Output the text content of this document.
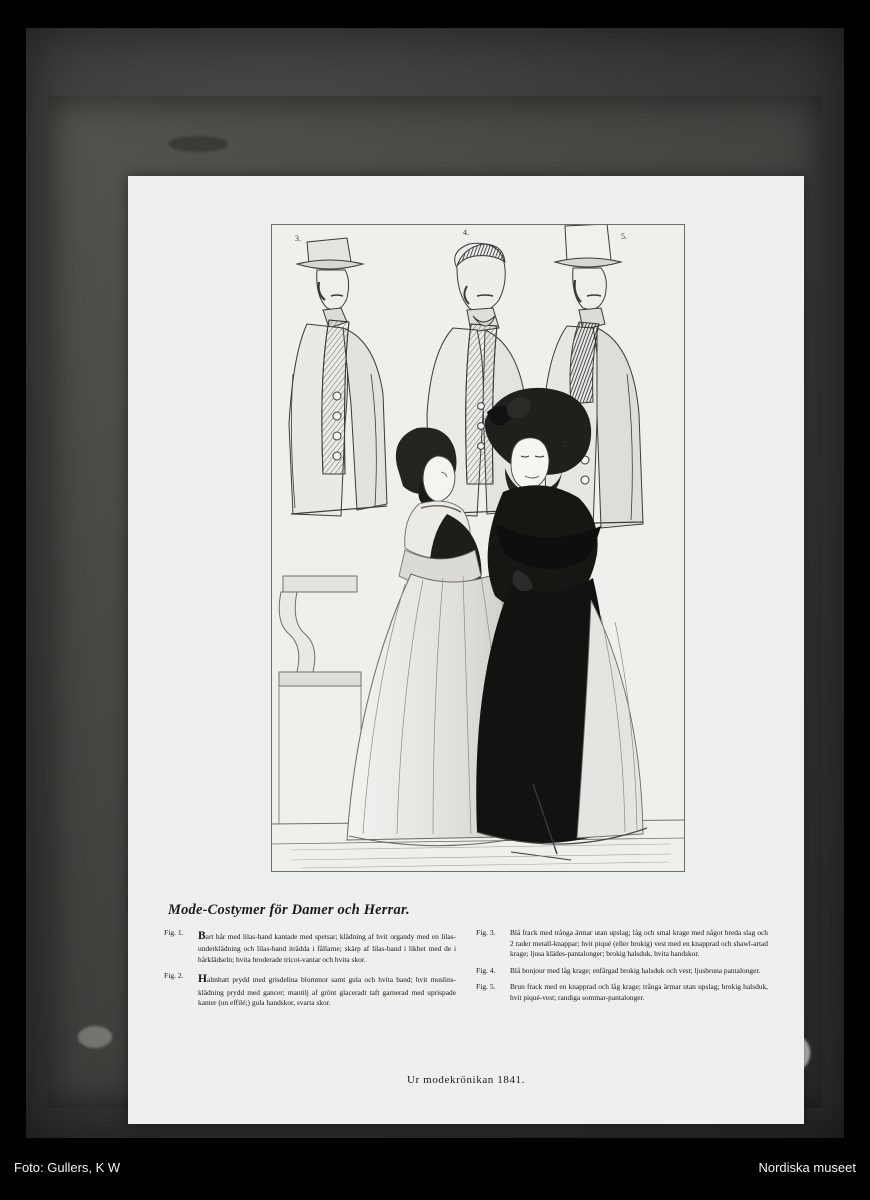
3.
4.	5.
2.
Mode-Costymer för Damer och Herrar.
Fig. 1.	Bart hår med lilas-band kantade med spetsar; klädning af hvit organdy med en lilas-underklädning och lilas-band iträdda i fållarne; skärp af lilas-band i likhet med de i hårklädseln; hvita broderade tricot-vantar och hvita skor.
Fig. 2.	Halmhatt prydd med grisdelina blommor samt gula och hvita band; hvit muslins-klädning prydd med gancer; mantilj af grönt glaceradt taft garnerad med uprispade kanter (un effilé;) gula handskor, svarta skor.
Fig. 3.	Blå frack med trånga ärmar utan upslag; låg och smal krage med något breda slag och 2 rader metall-knappar; hvit piqué (eller brokig) vest med en knapprad och shawl-artad krage; ljusa klädes-pantalonger; brokig halsduk, hvita handskor.
Fig. 4.	Blå bonjour med låg krage; enfärgad brokig halsduk och vest; ljusbruna pantalonger.
Fig. 5.	Brun frack med en knapprad och låg krage; trånga ärmar utan upslag; brokig halsduk, hvit piqué-vest; randiga sommar-pantalonger.
Ur modekrönikan 1841.
Foto: Gullers, K W	Nordiska museet
